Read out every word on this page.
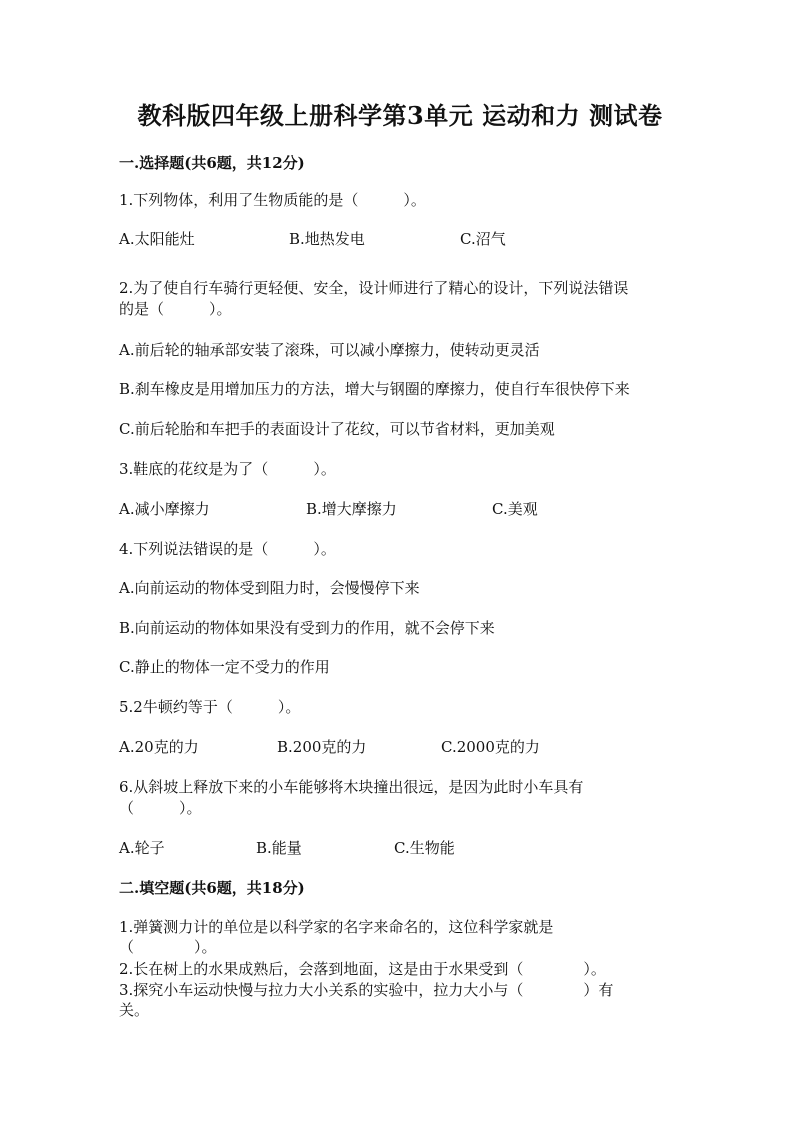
教科版四年级上册科学第3单元 运动和力 测试卷
一.选择题(共6题，共12分)
1.下列物体，利用了生物质能的是（　　　）。
A.太阳能灶	B.地热发电	C.沼气
2.为了使自行车骑行更轻便、安全，设计师进行了精心的设计，下列说法错误
的是（　　　）。
A.前后轮的轴承部安装了滚珠，可以减小摩擦力，使转动更灵活
B.刹车橡皮是用增加压力的方法，增大与钢圈的摩擦力，使自行车很快停下来
C.前后轮胎和车把手的表面设计了花纹，可以节省材料，更加美观
3.鞋底的花纹是为了（　　　）。
A.减小摩擦力	B.增大摩擦力	C.美观
4.下列说法错误的是（　　　）。
A.向前运动的物体受到阻力时，会慢慢停下来
B.向前运动的物体如果没有受到力的作用，就不会停下来
C.静止的物体一定不受力的作用
5.2牛顿约等于（　　　）。
A.20克的力	B.200克的力	C.2000克的力
6.从斜坡上释放下来的小车能够将木块撞出很远，是因为此时小车具有
（　　　）。
A.轮子	B.能量	C.生物能
二.填空题(共6题，共18分)
1.弹簧测力计的单位是以科学家的名字来命名的，这位科学家就是
（　　　　）。
2.长在树上的水果成熟后，会落到地面，这是由于水果受到（　　　　）。
3.探究小车运动快慢与拉力大小关系的实验中，拉力大小与（　　　　）有
关。
